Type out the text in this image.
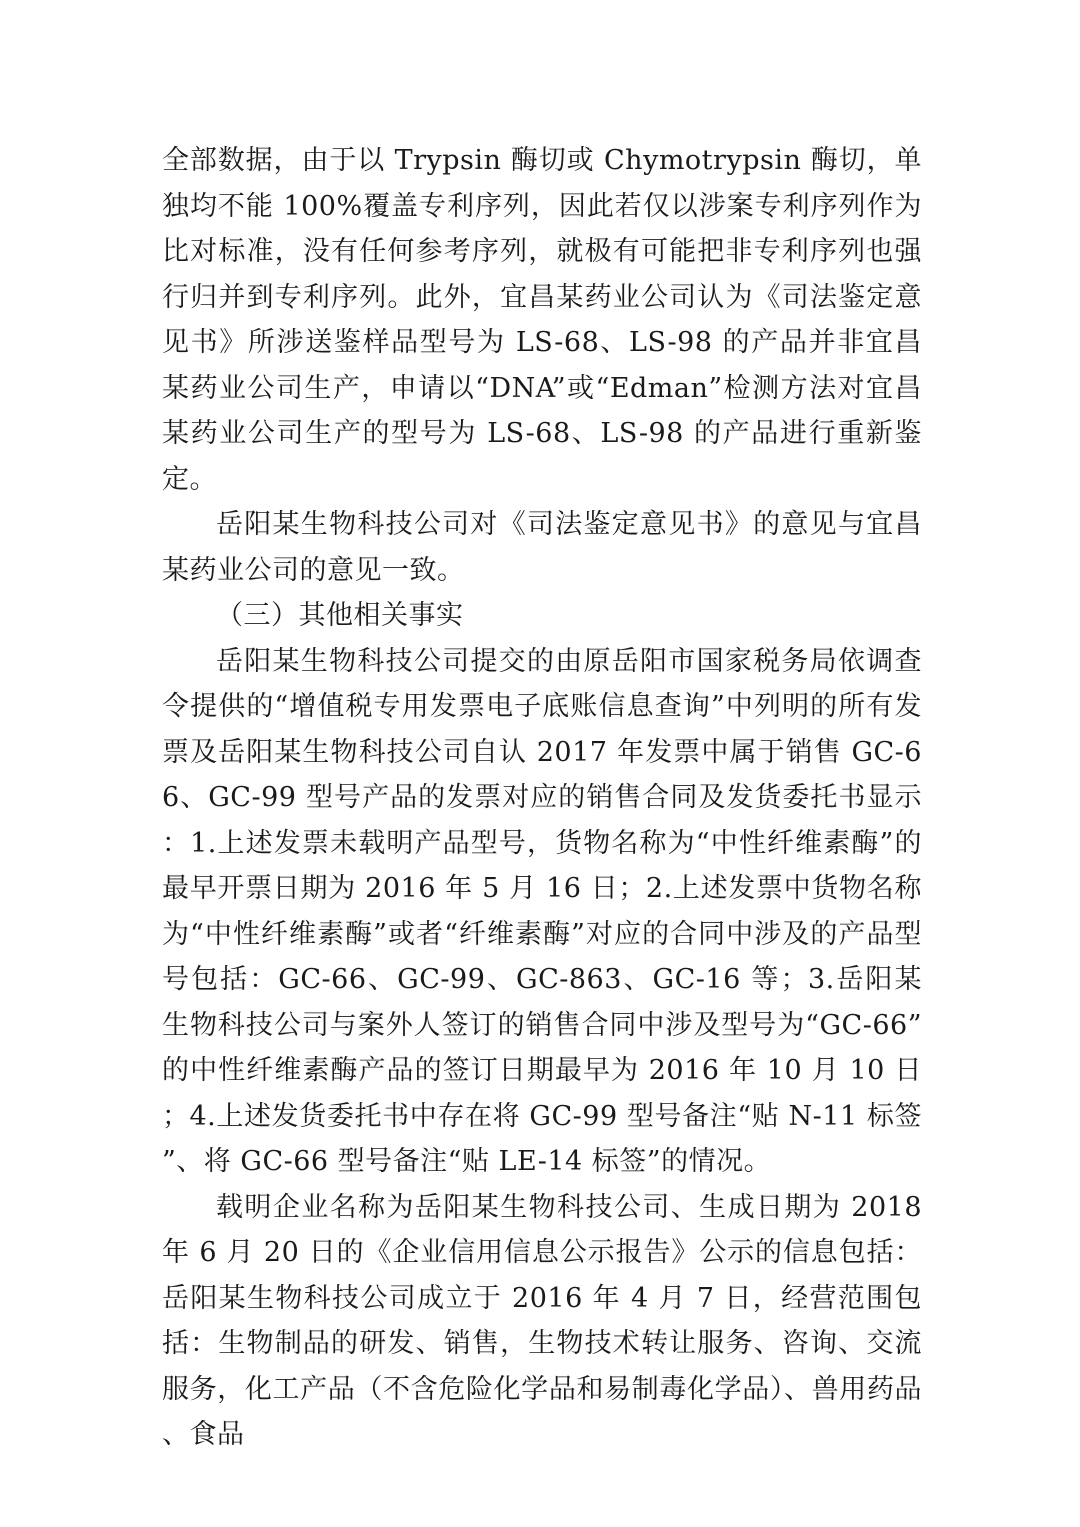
全部数据，由于以 Trypsin 酶切或 Chymotrypsin 酶切，单独均不能 100%覆盖专利序列，因此若仅以涉案专利序列作为比对标准，没有任何参考序列，就极有可能把非专利序列也强行归并到专利序列。此外，宜昌某药业公司认为《司法鉴定意见书》所涉送鉴样品型号为 LS-68、LS-98 的产品并非宜昌某药业公司生产，申请以“DNA”或“Edman”检测方法对宜昌某药业公司生产的型号为 LS-68、LS-98 的产品进行重新鉴定。

岳阳某生物科技公司对《司法鉴定意见书》的意见与宜昌某药业公司的意见一致。

（三）其他相关事实

岳阳某生物科技公司提交的由原岳阳市国家税务局依调查令提供的“增值税专用发票电子底账信息查询”中列明的所有发票及岳阳某生物科技公司自认 2017 年发票中属于销售 GC-66、GC-99 型号产品的发票对应的销售合同及发货委托书显示：1.上述发票未载明产品型号，货物名称为“中性纤维素酶”的最早开票日期为 2016 年 5 月 16 日；2.上述发票中货物名称为“中性纤维素酶”或者“纤维素酶”对应的合同中涉及的产品型号包括：GC-66、GC-99、GC-863、GC-16 等；3.岳阳某生物科技公司与案外人签订的销售合同中涉及型号为“GC-66”的中性纤维素酶产品的签订日期最早为 2016 年 10 月 10 日；4.上述发货委托书中存在将 GC-99 型号备注“贴 N-11 标签”、将 GC-66 型号备注“贴 LE-14 标签”的情况。

载明企业名称为岳阳某生物科技公司、生成日期为 2018 年 6 月 20 日的《企业信用信息公示报告》公示的信息包括：岳阳某生物科技公司成立于 2016 年 4 月 7 日，经营范围包括：生物制品的研发、销售，生物技术转让服务、咨询、交流服务，化工产品（不含危险化学品和易制毒化学品）、兽用药品、食品
